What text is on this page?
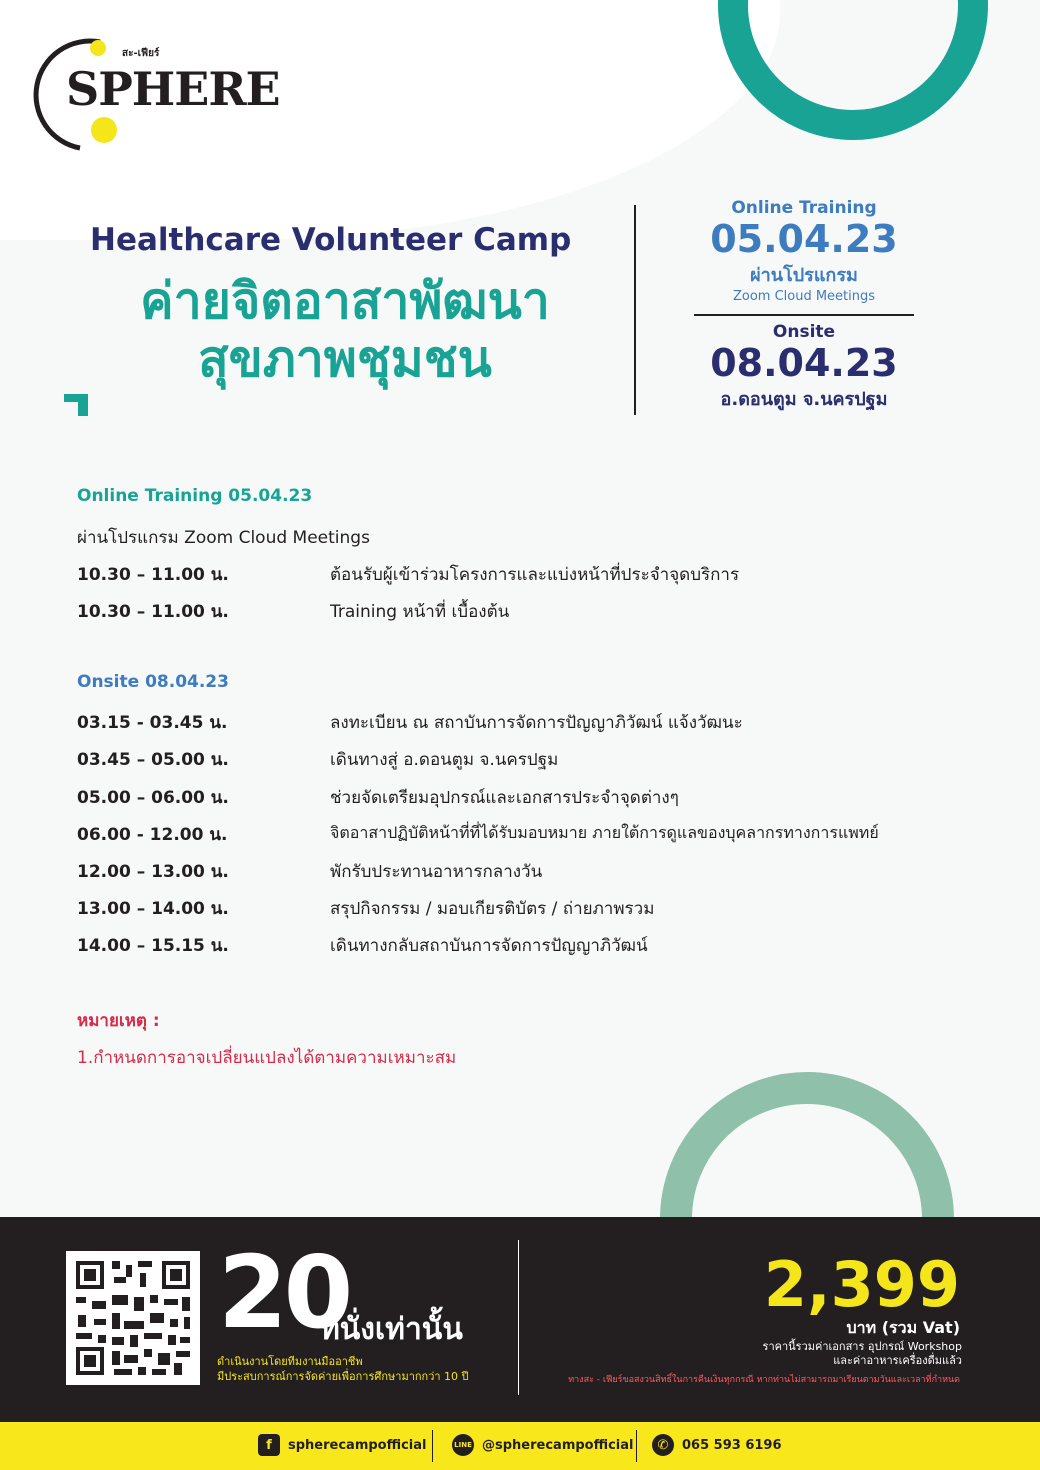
สะ-เฟียร์
SPHERE
Healthcare Volunteer Camp
ค่ายจิตอาสาพัฒนา
สุขภาพชุมชน
Online Training
05.04.23
ผ่านโปรแกรม
Zoom Cloud Meetings
Onsite
08.04.23
อ.ดอนตูม จ.นครปฐม
Online Training 05.04.23
ผ่านโปรแกรม Zoom Cloud Meetings
10.30 – 11.00 น.	ต้อนรับผู้เข้าร่วมโครงการและแบ่งหน้าที่ประจำจุดบริการ
10.30 – 11.00 น.	Training หน้าที่ เบื้องต้น
Onsite 08.04.23
03.15 - 03.45 น.	ลงทะเบียน ณ สถาบันการจัดการปัญญาภิวัฒน์ แจ้งวัฒนะ
03.45 – 05.00 น.	เดินทางสู่ อ.ดอนตูม จ.นครปฐม
05.00 – 06.00 น.	ช่วยจัดเตรียมอุปกรณ์และเอกสารประจำจุดต่างๆ
06.00 - 12.00 น.	จิตอาสาปฏิบัติหน้าที่ที่ได้รับมอบหมาย ภายใต้การดูแลของบุคลากรทางการแพทย์
12.00 – 13.00 น.	พักรับประทานอาหารกลางวัน
13.00 – 14.00 น.	สรุปกิจกรรม / มอบเกียรติบัตร / ถ่ายภาพรวม
14.00 – 15.15 น.	เดินทางกลับสถาบันการจัดการปัญญาภิวัฒน์
หมายเหตุ :
1.กำหนดการอาจเปลี่ยนแปลงได้ตามความเหมาะสม
20
ที่นั่งเท่านั้น
ดำเนินงานโดยทีมงานมืออาชีพ
มีประสบการณ์การจัดค่ายเพื่อการศึกษามากกว่า 10 ปี
2,399
บาท (รวม Vat)
ราคานี้รวมค่าเอกสาร อุปกรณ์ Workshop
และค่าอาหารเครื่องดื่มแล้ว
ทางสะ - เฟียร์ขอสงวนสิทธิ์ในการคืนเงินทุกกรณี หากท่านไม่สามารถมาเรียนตามวันและเวลาที่กำหนด
f	spherecampofficial	LINE @spherecampofficial	✆	065 593 6196
